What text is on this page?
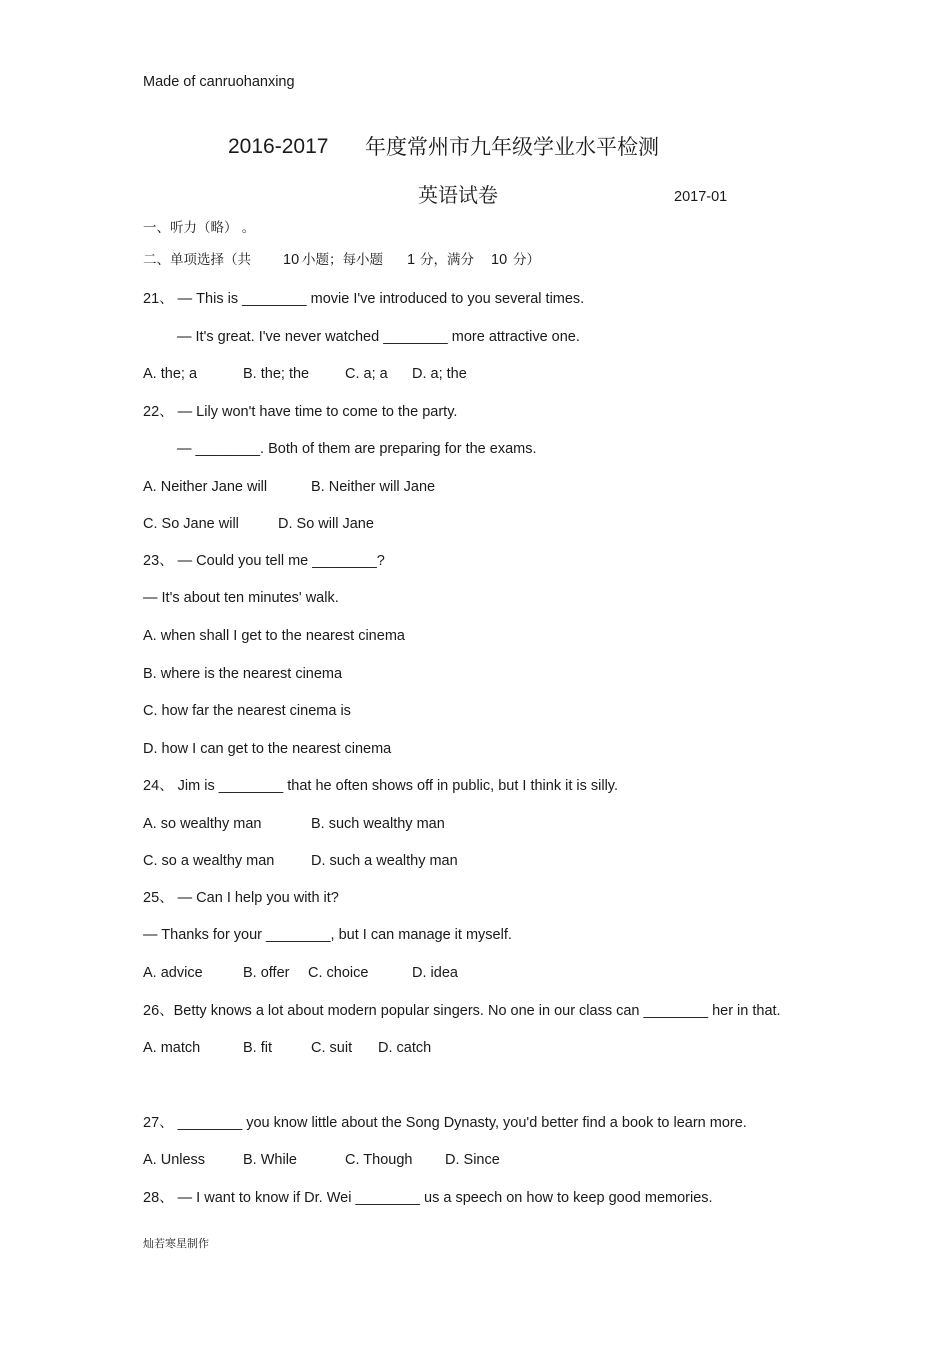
Made of canruohanxing
2016-2017 年度常州市九年级学业水平检测
英语试卷	2017-01
一、听力（略） 。
二、单项选择（共 10 小题；每小题 1 分，满分 10 分）
21、 — This is ________ movie I've introduced to you several times.
— It's great. I've never watched ________ more attractive one.
A. the; a	B. the; the C. a; a D. a; the
22、 — Lily won't have time to come to the party.
— ________. Both of them are preparing for the exams.
A. Neither Jane will	B. Neither will Jane
C. So Jane will	D. So will Jane
23、 — Could you tell me ________?
— It's about ten minutes' walk.
A. when shall I get to the nearest cinema
B. where is the nearest cinema
C. how far the nearest cinema is
D. how I can get to the nearest cinema
24、 Jim is ________ that he often shows off in public, but I think it is silly.
A. so wealthy man	B. such wealthy man
C. so a wealthy man	D. such a wealthy man
25、 — Can I help you with it?
— Thanks for your ________, but I can manage it myself.
A. advice	B. offer C. choice	D. idea
26、Betty knows a lot about modern popular singers. No one in our class can ________ her in that.
A. match	B. fit	C. suit D. catch
27、 ________ you know little about the Song Dynasty, you'd better find a book to learn more.
A. Unless	B. While	C. Though D. Since
28、 — I want to know if Dr. Wei ________ us a speech on how to keep good memories.
灿若寒星制作
